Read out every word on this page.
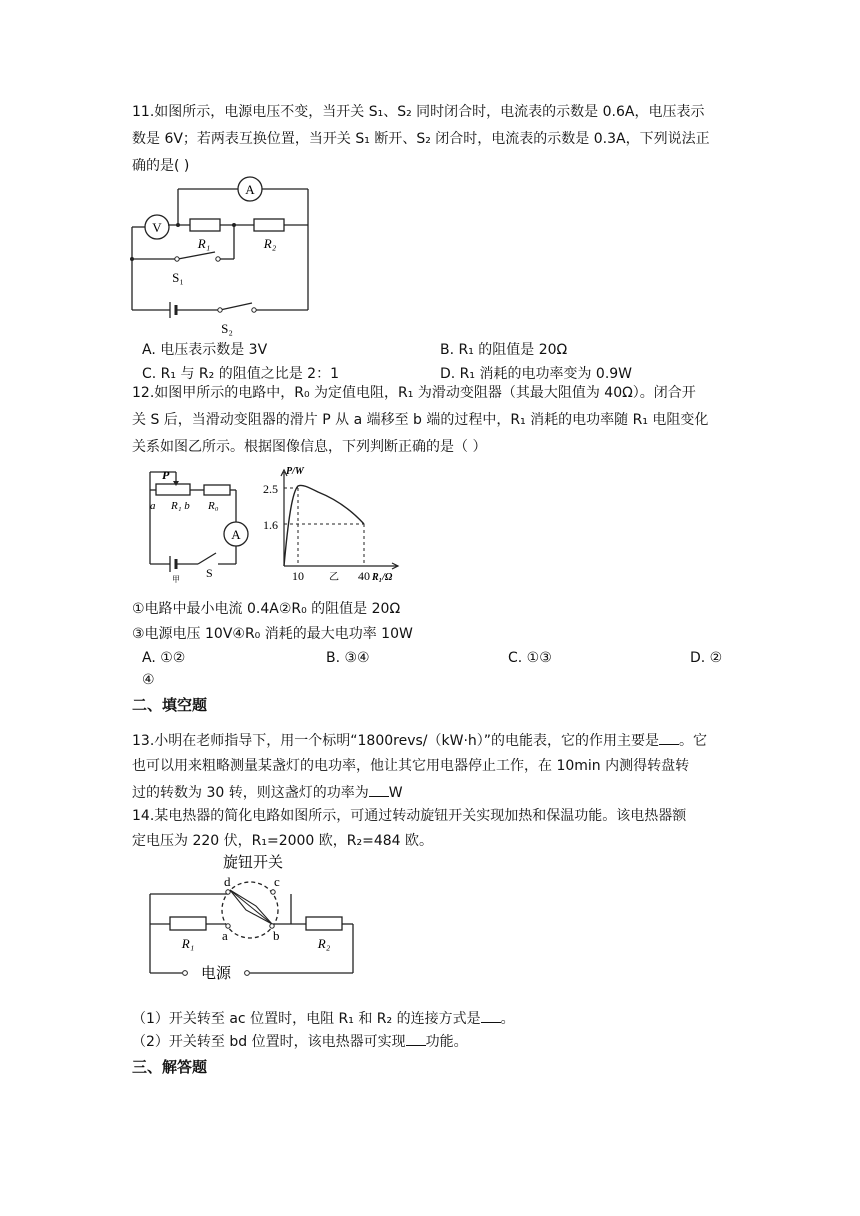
11.如图所示，电源电压不变，当开关 S₁、S₂ 同时闭合时，电流表的示数是 0.6A，电压表示
数是 6V；若两表互换位置，当开关 S₁ 断开、S₂ 闭合时，电流表的示数是 0.3A，下列说法正
确的是( )
A
V
R₁	R₂
S₁
S₂
A. 电压表示数是 3V	B. R₁ 的阻值是 20Ω
C. R₁ 与 R₂ 的阻值之比是 2：1	D. R₁ 消耗的电功率变为 0.9W
12.如图甲所示的电路中，R₀ 为定值电阻，R₁ 为滑动变阻器（其最大阻值为 40Ω）。闭合开
关 S 后，当滑动变阻器的滑片 P 从 a 端移至 b 端的过程中，R₁ 消耗的电功率随 R₁ 电阻变化
关系如图乙所示。根据图像信息，下列判断正确的是（ ）
P
a R₁ b R₀
A
S
甲
P/W
2.5
1.6
10	40
乙	R₁/Ω
①电路中最小电流 0.4A②R₀ 的阻值是 20Ω
③电源电压 10V④R₀ 消耗的最大电功率 10W
A. ①②	B. ③④	C. ①③	D. ②
④
二、填空题
13.小明在老师指导下，用一个标明“1800revs/（kW·h）”的电能表，它的作用主要是 。它
也可以用来粗略测量某盏灯的电功率，他让其它用电器停止工作，在 10min 内测得转盘转
过的转数为 30 转，则这盏灯的功率为 W
14.某电热器的简化电路如图所示，可通过转动旋钮开关实现加热和保温功能。该电热器额
定电压为 220 伏，R₁=2000 欧，R₂=484 欧。
旋钮开关
d	c
a	b
R₁	R₂
电源
（1）开关转至 ac 位置时，电阻 R₁ 和 R₂ 的连接方式是 。
（2）开关转至 bd 位置时，该电热器可实现 功能。
三、解答题
